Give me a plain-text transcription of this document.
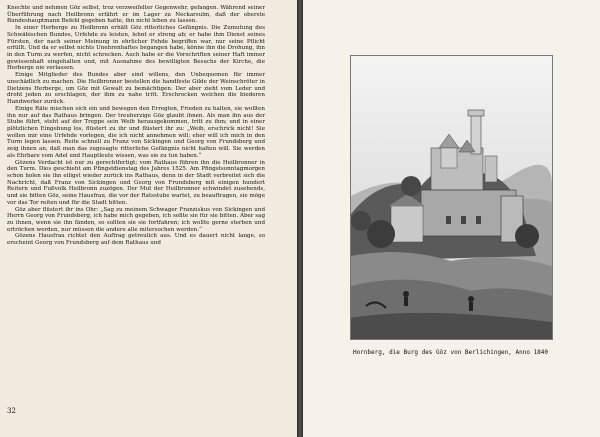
Knechte und nehmen Göz selbst, troz verzweifelter Gegenwehr, gefangen. Während seiner Überführung nach Heilbronn erfährt er im Lager zu Neckarsulm, daß der oberste Bundeshauptmann Befehl gegeben hatte, ihn nicht leben zu lassen.

In einer Herberge zu Heilbronn erhält Göz ritterliches Gefängnis. Die Zumutung des Schwäbischen Bundes, Urfehde zu leisten, lehnt er streng ab; er habe ihm Dienst seines Fürsten, der nach seiner Meinung in ehrlicher Fehde begriffen war, nur seine Pflicht erfüllt. Und da er selbst nichts Unehrenhaftes begangen habe, könne ihn die Drohung, ihn in den Turm zu werfen, nicht schrecken. Auch habe er die Vorschriften seiner Haft immer gewissenhaft eingehalten und, mit Ausnahme des bewilligten Besuchs der Kirche, die Herberge nie verlassen.

Einige Mitglieder des Bundes aber sind willens, den Unbequemen für immer unschädlich zu machen. Die Heilbronner bestellen die handfeste Gilde der Weinschröter in Dietzens Herberge, um Göz mit Gewalt zu bemächtigen. Der aber zieht vom Leder und droht jeden zu erschlagen, der ihm zu nahe tritt. Erschrocken weichen die biederen Handwerker zurück.

Einige Räte mischen sich ein und bewegen den Erregten, Frieden zu halten, sie wollten ihn nur auf das Rathaus bringen. Der treuherzige Göz glaubt ihnen. Als man ihn aus der Stube führt, steht auf der Treppe sein Weib herausgekommen, tritt zu ihm; und in einer plötzlichen Eingebung los, flüstert zu ihr und flüstert ihr zu: „Weib, erschrick nicht! Sie wollen mir eine Urfehde vorlegen, die ich nicht annehmen will; eher will ich mich in den Turm legen lassen. Reite schnell zu Franz von Sickingen und Georg von Frundsberg und zeig ihnen an, daß man das zugesagte ritterliche Gefängnis nicht halten will. Sie werden als Ehrbare vom Adel und Hauptleute wissen, was sie zu tun haben.“

Gözens Verdacht ist nur zu gerechtfertigt; vom Rathaus führen ihn die Heilbronner in den Turm. Dies geschieht am Pfingstdienstag des Jahres 1525. Am Pfingstsonntagmorgen schon holen sie ihn eiligst wieder zurück ins Rathaus, denn in der Stadt verbreitet sich die Nachricht, daß Franz von Sickingen und Georg von Frundsberg mit einigen hundert Reitern und Fußvolk Heilbronn zuzögen. Der Mut der Heilbronner schwindet zusehends, und sie bitten Göz, seine Hausfrau, die vor der Ratsstube wartet, zu beauftragen, sie möge vor das Tor reiten und für die Stadt bitten.

Göz aber flüstert ihr ins Ohr: „Sag zu meinem Schwager Franziskus von Sickingen und Herrn Georg von Frundsberg, ich habe mich gegeben, ich sollte sie für sie bitten. Aber sag zu ihnen, wenn sie ihn fänden, so sollten sie sie fortfahren; ich wollte gerne sterben und ertröchen werden, nur müssen die andere alle mitersochen werden.“

Gözens Hausfrau richtet den Auftrag getreulich aus. Und es dauert nicht lange, so erscheint Georg von Frundsberg auf dem Rathaus und

32
Hornberg, die Burg des Göz von Berlichingen, Anno 1840
